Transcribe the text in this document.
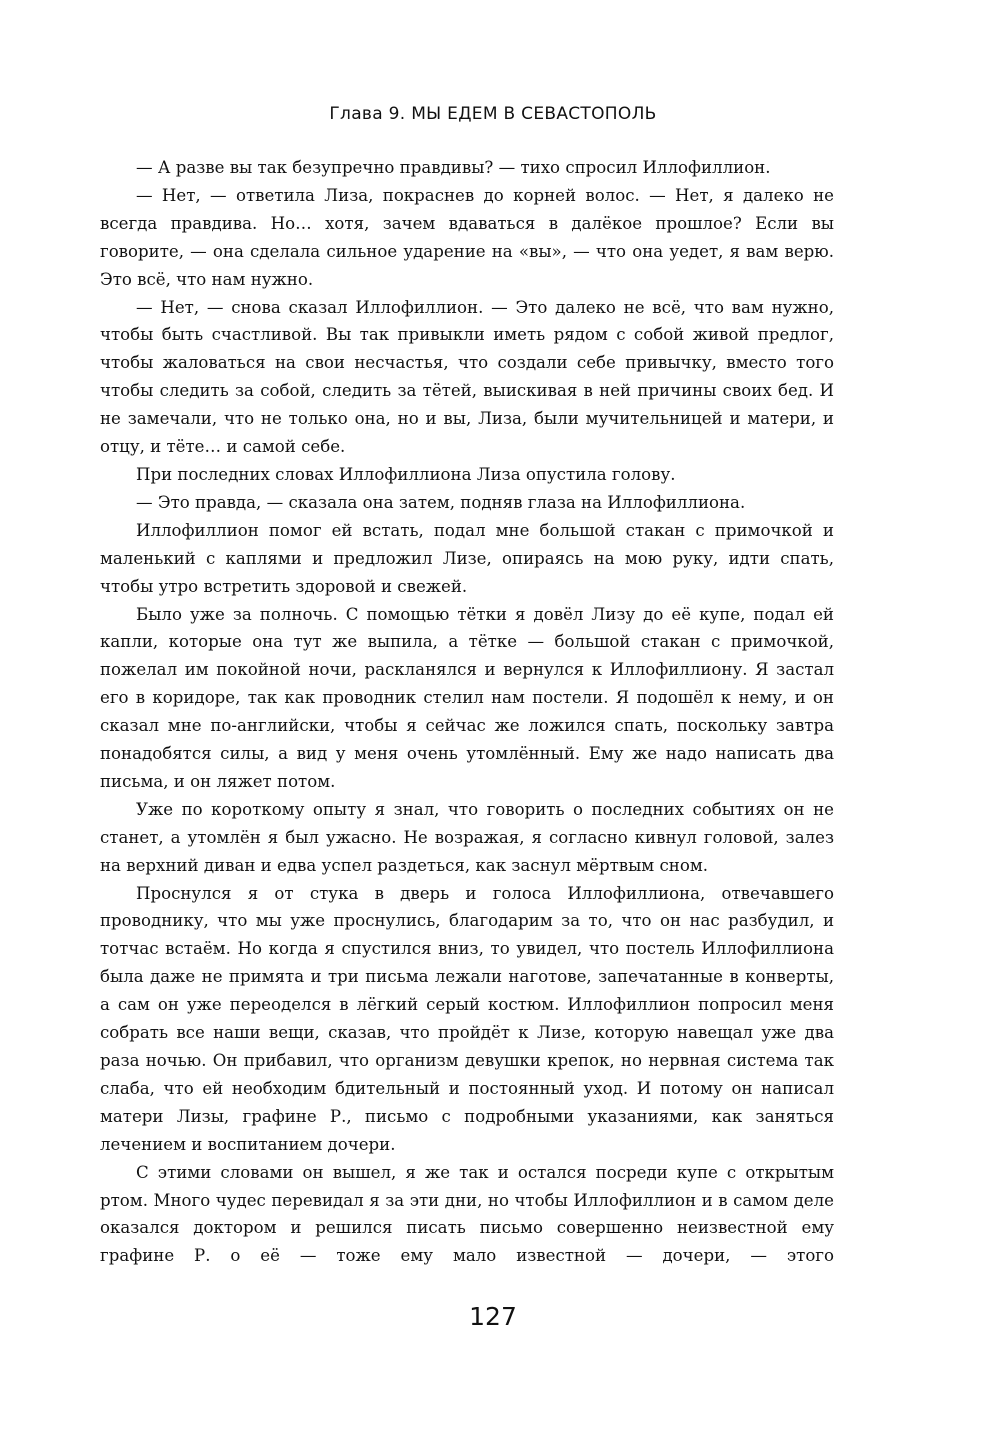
Глава 9. МЫ ЕДЕМ В СЕВАСТОПОЛЬ

— А разве вы так безупречно правдивы? — тихо спросил Иллофиллион.

— Нет, — ответила Лиза, покраснев до корней волос. — Нет, я далеко не всегда правдива. Но… хотя, зачем вдаваться в далёкое прошлое? Если вы говорите, — она сделала сильное ударение на «вы», — что она уедет, я вам верю. Это всё, что нам нужно.

— Нет, — снова сказал Иллофиллион. — Это далеко не всё, что вам нужно, чтобы быть счастливой. Вы так привыкли иметь рядом с собой живой предлог, чтобы жаловаться на свои несчастья, что создали себе привычку, вместо того чтобы следить за собой, следить за тётей, выискивая в ней причины своих бед. И не замечали, что не только она, но и вы, Лиза, были мучительницей и матери, и отцу, и тёте… и самой себе.

При последних словах Иллофиллиона Лиза опустила голову.

— Это правда, — сказала она затем, подняв глаза на Иллофиллиона.

Иллофиллион помог ей встать, подал мне большой стакан с примочкой и маленький с каплями и предложил Лизе, опираясь на мою руку, идти спать, чтобы утро встретить здоровой и свежей.

Было уже за полночь. С помощью тётки я довёл Лизу до её купе, подал ей капли, которые она тут же выпила, а тётке — большой стакан с примочкой, пожелал им покойной ночи, раскланялся и вернулся к Иллофиллиону. Я застал его в коридоре, так как проводник стелил нам постели. Я подошёл к нему, и он сказал мне по-английски, чтобы я сейчас же ложился спать, поскольку завтра понадобятся силы, а вид у меня очень утомлённый. Ему же надо написать два письма, и он ляжет потом.

Уже по короткому опыту я знал, что говорить о последних событиях он не станет, а утомлён я был ужасно. Не возражая, я согласно кивнул головой, залез на верхний диван и едва успел раздеться, как заснул мёртвым сном.

Проснулся я от стука в дверь и голоса Иллофиллиона, отвечавшего проводнику, что мы уже проснулись, благодарим за то, что он нас разбудил, и тотчас встаём. Но когда я спустился вниз, то увидел, что постель Иллофиллиона была даже не примята и три письма лежали наготове, запечатанные в конверты, а сам он уже переоделся в лёгкий серый костюм. Иллофиллион попросил меня собрать все наши вещи, сказав, что пройдёт к Лизе, которую навещал уже два раза ночью. Он прибавил, что организм девушки крепок, но нервная система так слаба, что ей необходим бдительный и постоянный уход. И потому он написал матери Лизы, графине Р., письмо с подробными указаниями, как заняться лечением и воспитанием дочери.

С этими словами он вышел, я же так и остался посреди купе с открытым ртом. Много чудес перевидал я за эти дни, но чтобы Иллофиллион и в самом деле оказался доктором и решился писать письмо совершенно неизвестной ему графине Р. о её — тоже ему мало известной — дочери, — этого

127
